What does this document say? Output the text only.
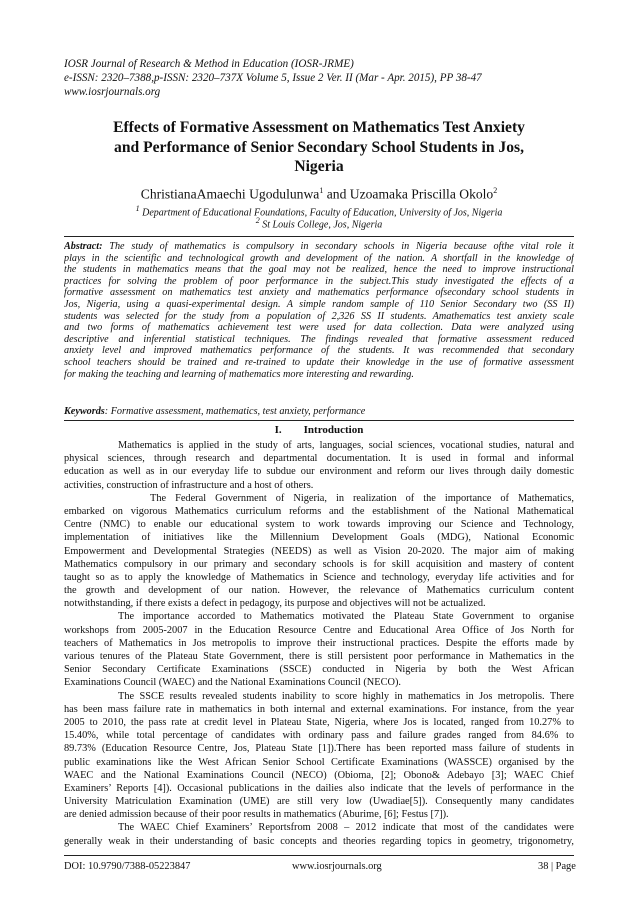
IOSR Journal of Research & Method in Education (IOSR-JRME)
e-ISSN: 2320–7388,p-ISSN: 2320–737X Volume 5, Issue 2 Ver. II (Mar - Apr. 2015), PP 38-47
www.iosrjournals.org
Effects of Formative Assessment on Mathematics Test Anxiety
and Performance of Senior Secondary School Students in Jos,
Nigeria
ChristianaAmaechi Ugodulunwa$^1$ and Uzoamaka Priscilla Okolo$^2$
$^1$ Department of Educational Foundations, Faculty of Education, University of Jos, Nigeria
$^2$ St Louis College, Jos, Nigeria
Abstract: The study of mathematics is compulsory in secondary schools in Nigeria because ofthe vital role it
plays in the scientific and technological growth and development of the nation. A shortfall in the knowledge of
the students in mathematics means that the goal may not be realized, hence the need to improve instructional
practices for solving the problem of poor performance in the subject.This study investigated the effects of a
formative assessment on mathematics test anxiety and mathematics performance ofsecondary school students in
Jos, Nigeria, using a quasi-experimental design. A simple random sample of 110 Senior Secondary two (SS II)
students was selected for the study from a population of 2,326 SS II students. Amathematics test anxiety scale
and two forms of mathematics achievement test were used for data collection. Data were analyzed using
descriptive and inferential statistical techniques. The findings revealed that formative assessment reduced
anxiety level and improved mathematics performance of the students. It was recommended that secondary
school teachers should be trained and re-trained to update their knowledge in the use of formative assessment
for making the teaching and learning of mathematics more interesting and rewarding.
Keywords: Formative assessment, mathematics, test anxiety, performance
I. Introduction
Mathematics is applied in the study of arts, languages, social sciences, vocational studies, natural and
physical sciences, through research and departmental documentation. It is used in formal and informal
education as well as in our everyday life to subdue our environment and reform our lives through daily domestic
activities, construction of infrastructure and a host of others.
The Federal Government of Nigeria, in realization of the importance of Mathematics,
embarked on vigorous Mathematics curriculum reforms and the establishment of the National Mathematical
Centre (NMC) to enable our educational system to work towards improving our Science and Technology,
implementation of initiatives like the Millennium Development Goals (MDG), National Economic
Empowerment and Developmental Strategies (NEEDS) as well as Vision 20-2020. The major aim of making
Mathematics compulsory in our primary and secondary schools is for skill acquisition and mastery of content
taught so as to apply the knowledge of Mathematics in Science and technology, everyday life activities and for
the growth and development of our nation. However, the relevance of Mathematics curriculum content
notwithstanding, if there exists a defect in pedagogy, its purpose and objectives will not be actualized.
The importance accorded to Mathematics motivated the Plateau State Government to organise
workshops from 2005-2007 in the Education Resource Centre and Educational Area Office of Jos North for
teachers of Mathematics in Jos metropolis to improve their instructional practices. Despite the efforts made by
various tenures of the Plateau State Government, there is still persistent poor performance in Mathematics in the
Senior Secondary Certificate Examinations (SSCE) conducted in Nigeria by both the West African
Examinations Council (WAEC) and the National Examinations Council (NECO).
The SSCE results revealed students inability to score highly in mathematics in Jos metropolis. There
has been mass failure rate in mathematics in both internal and external examinations. For instance, from the year
2005 to 2010, the pass rate at credit level in Plateau State, Nigeria, where Jos is located, ranged from 10.27% to
15.40%, while total percentage of candidates with ordinary pass and failure grades ranged from 84.6% to
89.73% (Education Resource Centre, Jos, Plateau State [1]).There has been reported mass failure of students in
public examinations like the West African Senior School Certificate Examinations (WASSCE) organised by the
WAEC and the National Examinations Council (NECO) (Obioma, [2]; Obono& Adebayo [3]; WAEC Chief
Examiners’ Reports [4]). Occasional publications in the dailies also indicate that the levels of performance in the
University Matriculation Examination (UME) are still very low (Uwadiae[5]). Consequently many candidates
are denied admission because of their poor results in mathematics (Aburime, [6]; Festus [7]).
The WAEC Chief Examiners’ Reportsfrom 2008 – 2012 indicate that most of the candidates were
generally weak in their understanding of basic concepts and theories regarding topics in geometry, trigonometry,
DOI: 10.9790/7388-05223847	www.iosrjournals.org	38 | Page
